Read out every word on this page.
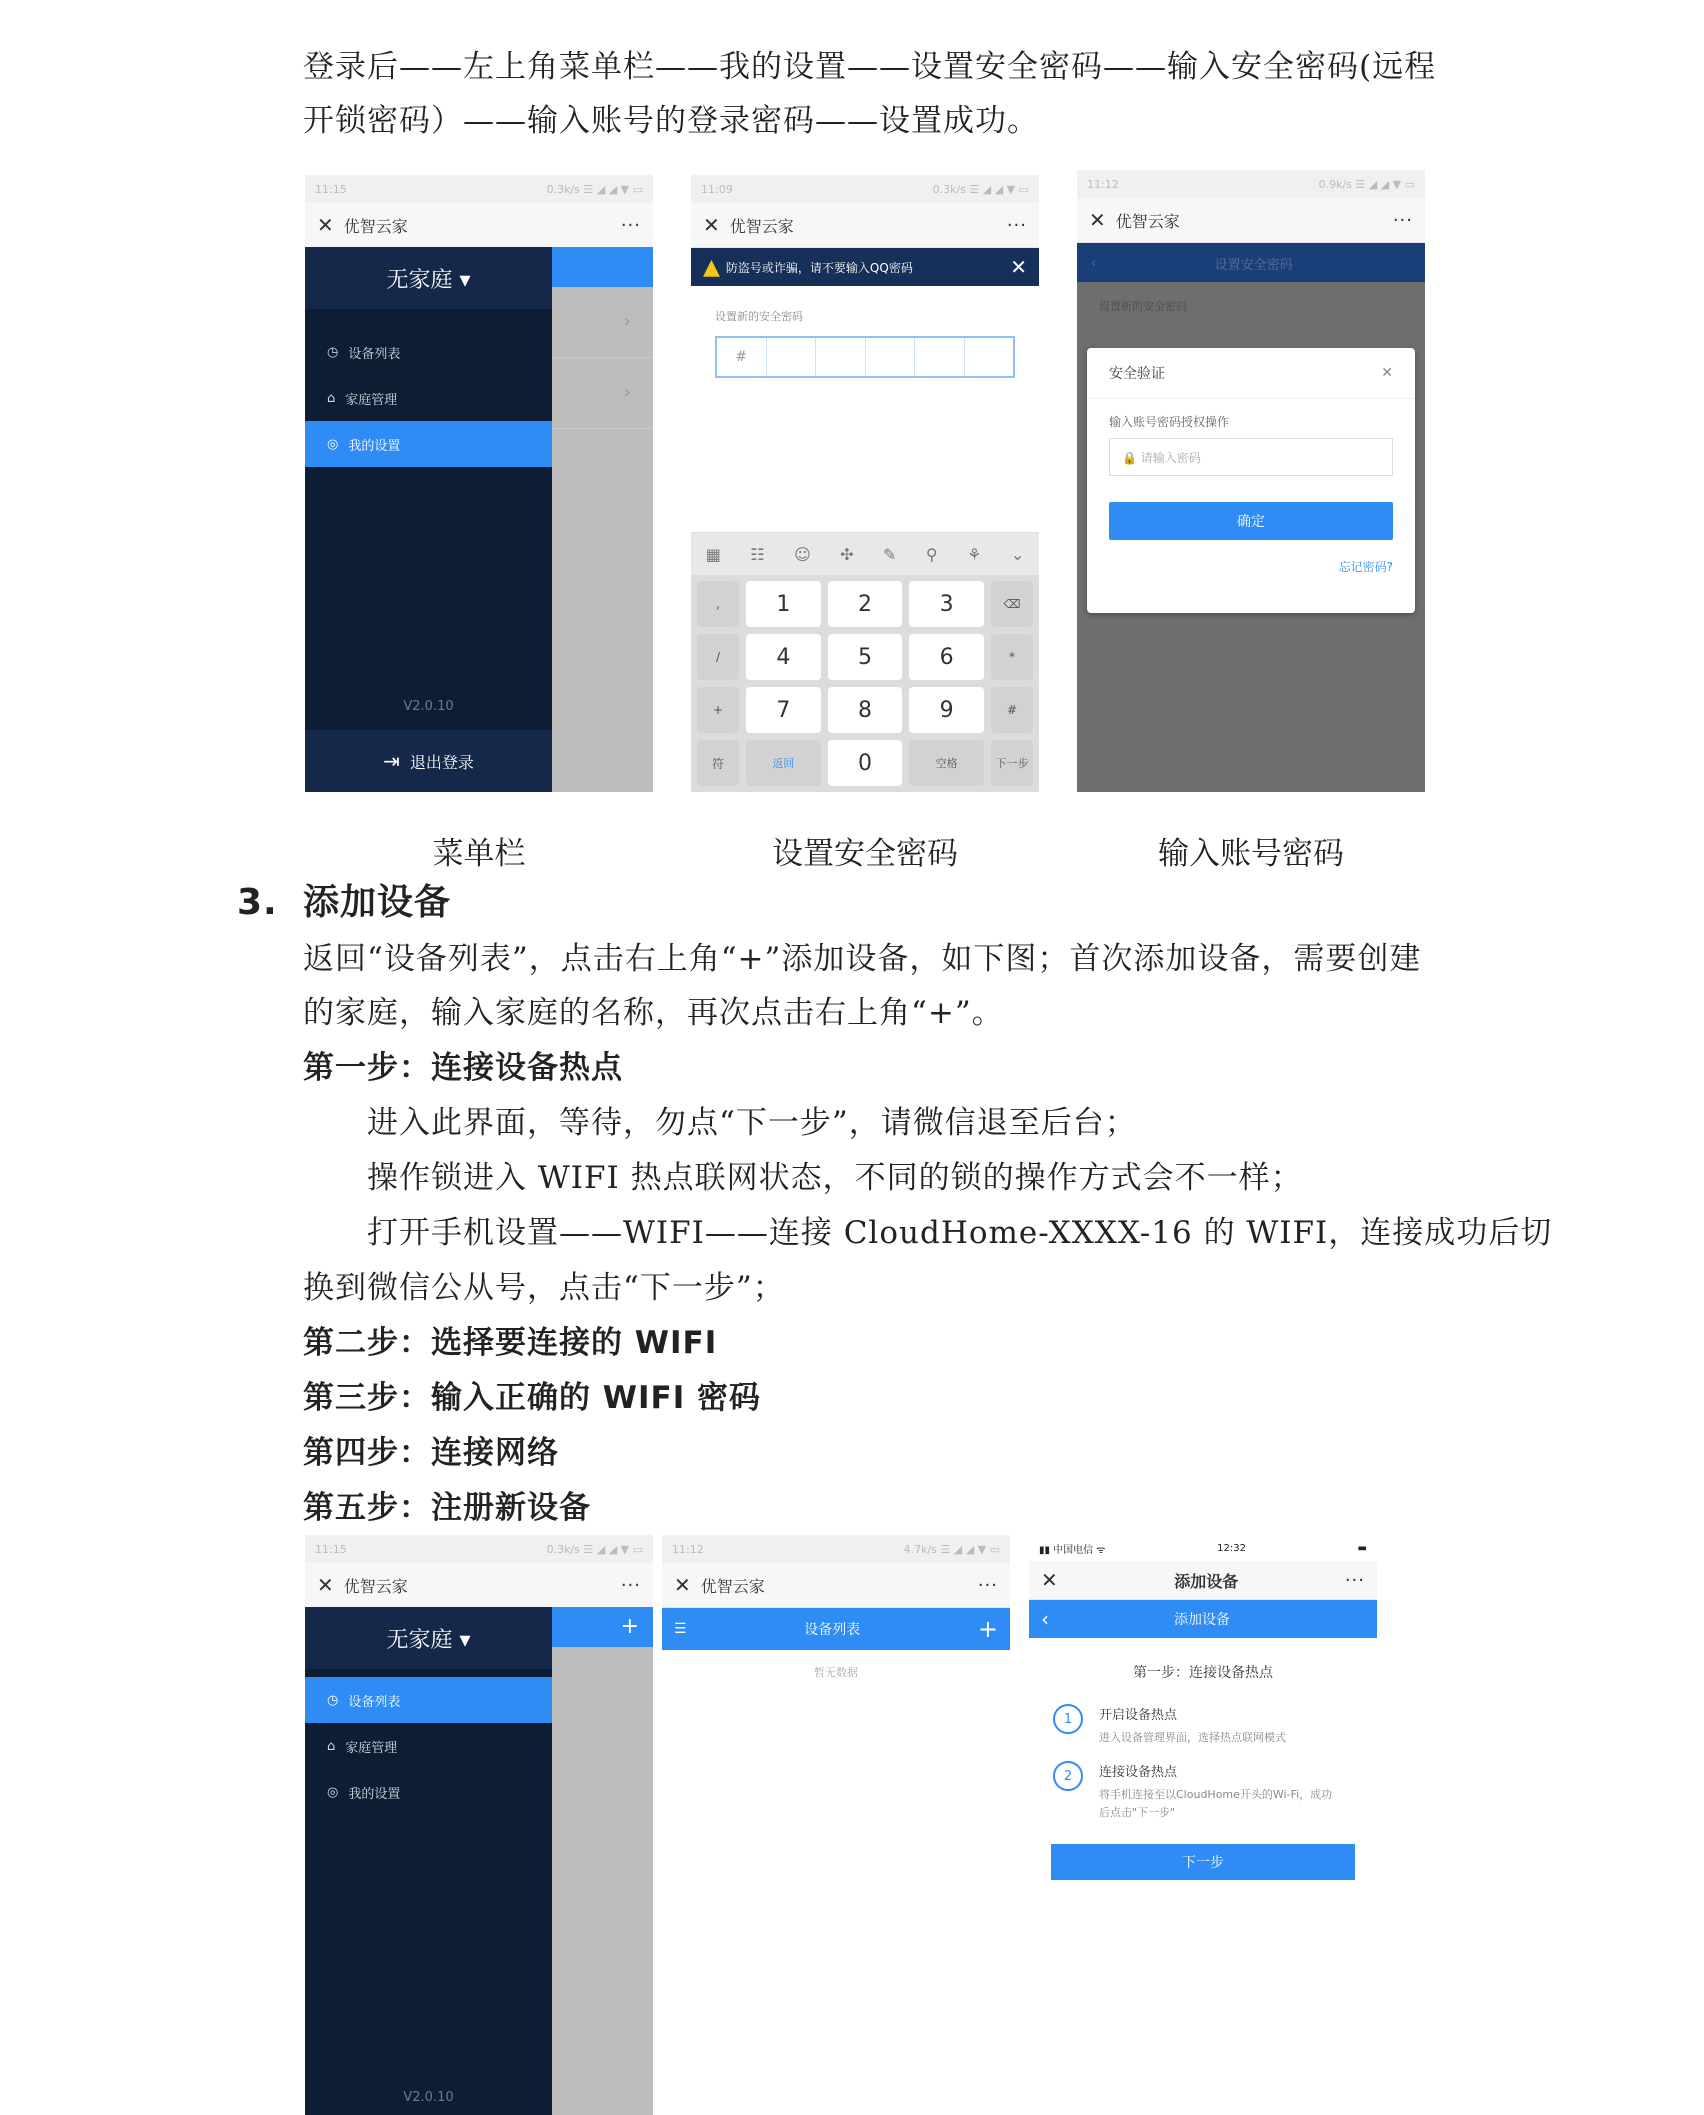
登录后——左上角菜单栏——我的设置——设置安全密码——输入安全密码(远程
开锁密码）——输入账号的登录密码——设置成功。
11:15	0.3k/s ☰ ◢ ◢ ▼ ▭
✕ 优智云家	···
›
›
无家庭 ▾
◷ 设备列表
⌂ 家庭管理
◎ 我的设置
V2.0.10
⇥ 退出登录
11:09	0.3k/s ☰ ◢ ◢ ▼ ▭
✕ 优智云家	···
▲ 防盗号或诈骗，请不要输入QQ密码	✕
设置新的安全密码
#
▦ ☷ ☺ ✣ ✎ ⚲ ⚘ ⌄
,	1	2	3	⌫
/	4	5	6	*
+	7	8	9	#
符	返回	0	空格	下一步
11:12	0.9k/s ☰ ◢ ◢ ▼ ▭
✕ 优智云家	···
‹	设置安全密码
设置新的安全密码
安全验证	✕
输入账号密码授权操作
🔒 请输入密码
确定
忘记密码?
菜单栏	设置安全密码	输入账号密码
3. 添加设备
返回“设备列表”，点击右上角“+”添加设备，如下图；首次添加设备，需要创建
的家庭，输入家庭的名称，再次点击右上角“+”。
第一步：连接设备热点
进入此界面，等待，勿点“下一步”，请微信退至后台；
操作锁进入 WIFI 热点联网状态，不同的锁的操作方式会不一样；
打开手机设置——WIFI——连接 CloudHome-XXXX-16 的 WIFI，连接成功后切
换到微信公从号，点击“下一步”；
第二步：选择要连接的 WIFI
第三步：输入正确的 WIFI 密码
第四步：连接网络
第五步：注册新设备
11:15	0.3k/s ☰ ◢ ◢ ▼ ▭
✕ 优智云家	···
+
无家庭 ▾
◷ 设备列表
⌂ 家庭管理
◎ 我的设置
V2.0.10
11:12	4.7k/s ☰ ◢ ◢ ▼ ▭
✕ 优智云家	···
☰	设备列表	+
暂无数据
▮▮ 中国电信 ᯤ	12:32	▬
✕	添加设备	···
‹	添加设备
第一步：连接设备热点
1	开启设备热点
进入设备管理界面，选择热点联网模式
2	连接设备热点
将手机连接至以CloudHome开头的Wi-Fi，成功后点击"下一步"
下一步
